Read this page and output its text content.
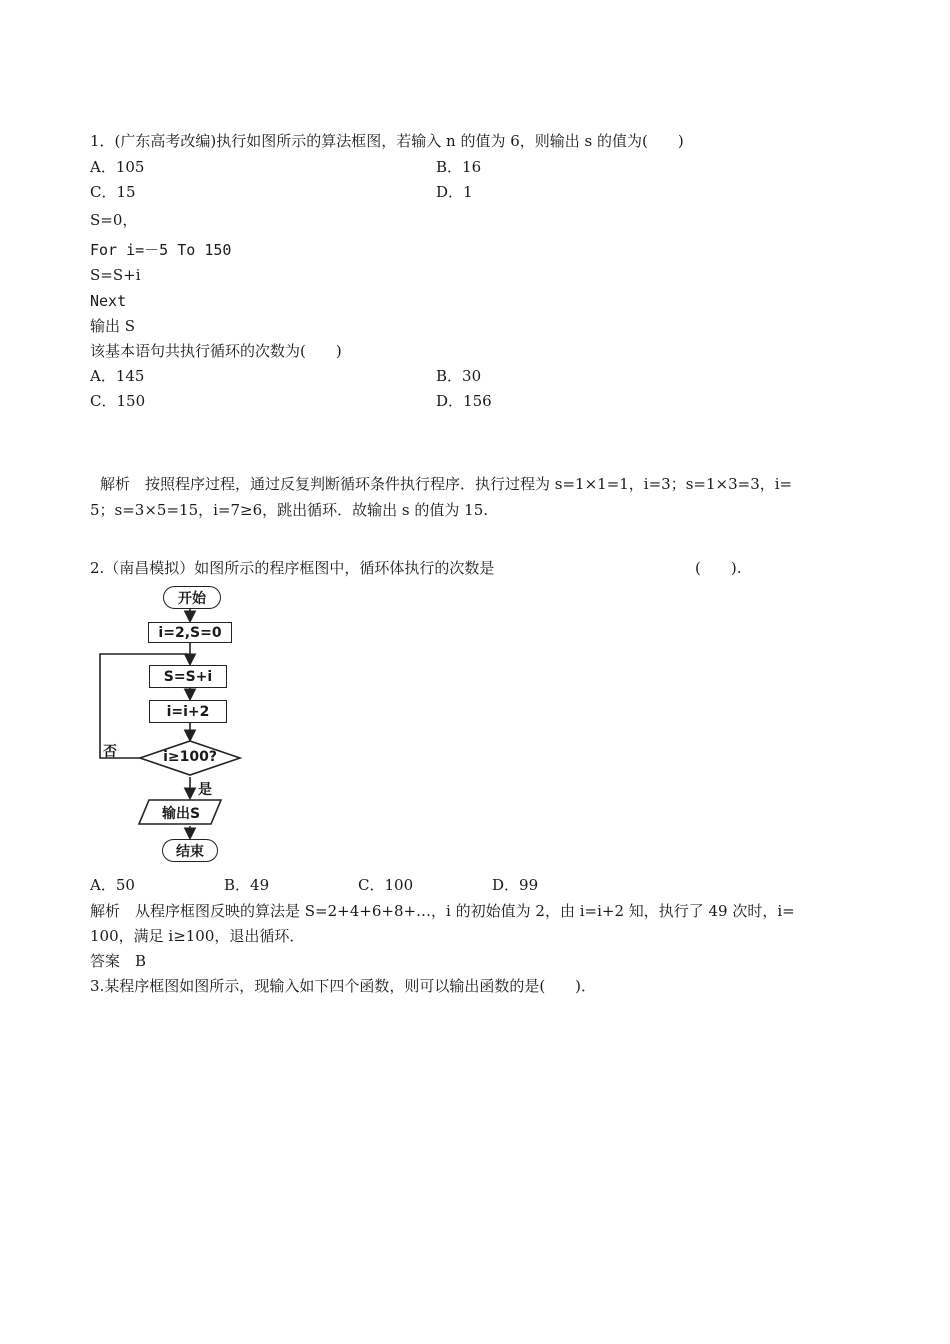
1．(广东高考改编)执行如图所示的算法框图，若输入 n 的值为 6，则输出 s 的值为(　　)
A．105	B．16
C．15	D．1
S=0，
For i=－5 To 150
S=S+i
Next
输出 S
该基本语句共执行循环的次数为(　　)
A．145	B．30
C．150	D．156
解析　按照程序过程，通过反复判断循环条件执行程序．执行过程为 s=1×1=1，i=3；s=1×3=3，i=
5；s=3×5=15，i=7≥6，跳出循环．故输出 s 的值为 15.
2.（南昌模拟）如图所示的程序框图中，循环体执行的次数是	(　　).
开始
i=2,S=0
S=S+i
i=i+2
i≥100?
否
是
输出S
结束
A．50	B．49	C．100	D．99
解析　从程序框图反映的算法是 S=2+4+6+8+…，i 的初始值为 2，由 i=i+2 知，执行了 49 次时，i=
100，满足 i≥100，退出循环．
答案　B
3.某程序框图如图所示，现输入如下四个函数，则可以输出函数的是(　　)．
